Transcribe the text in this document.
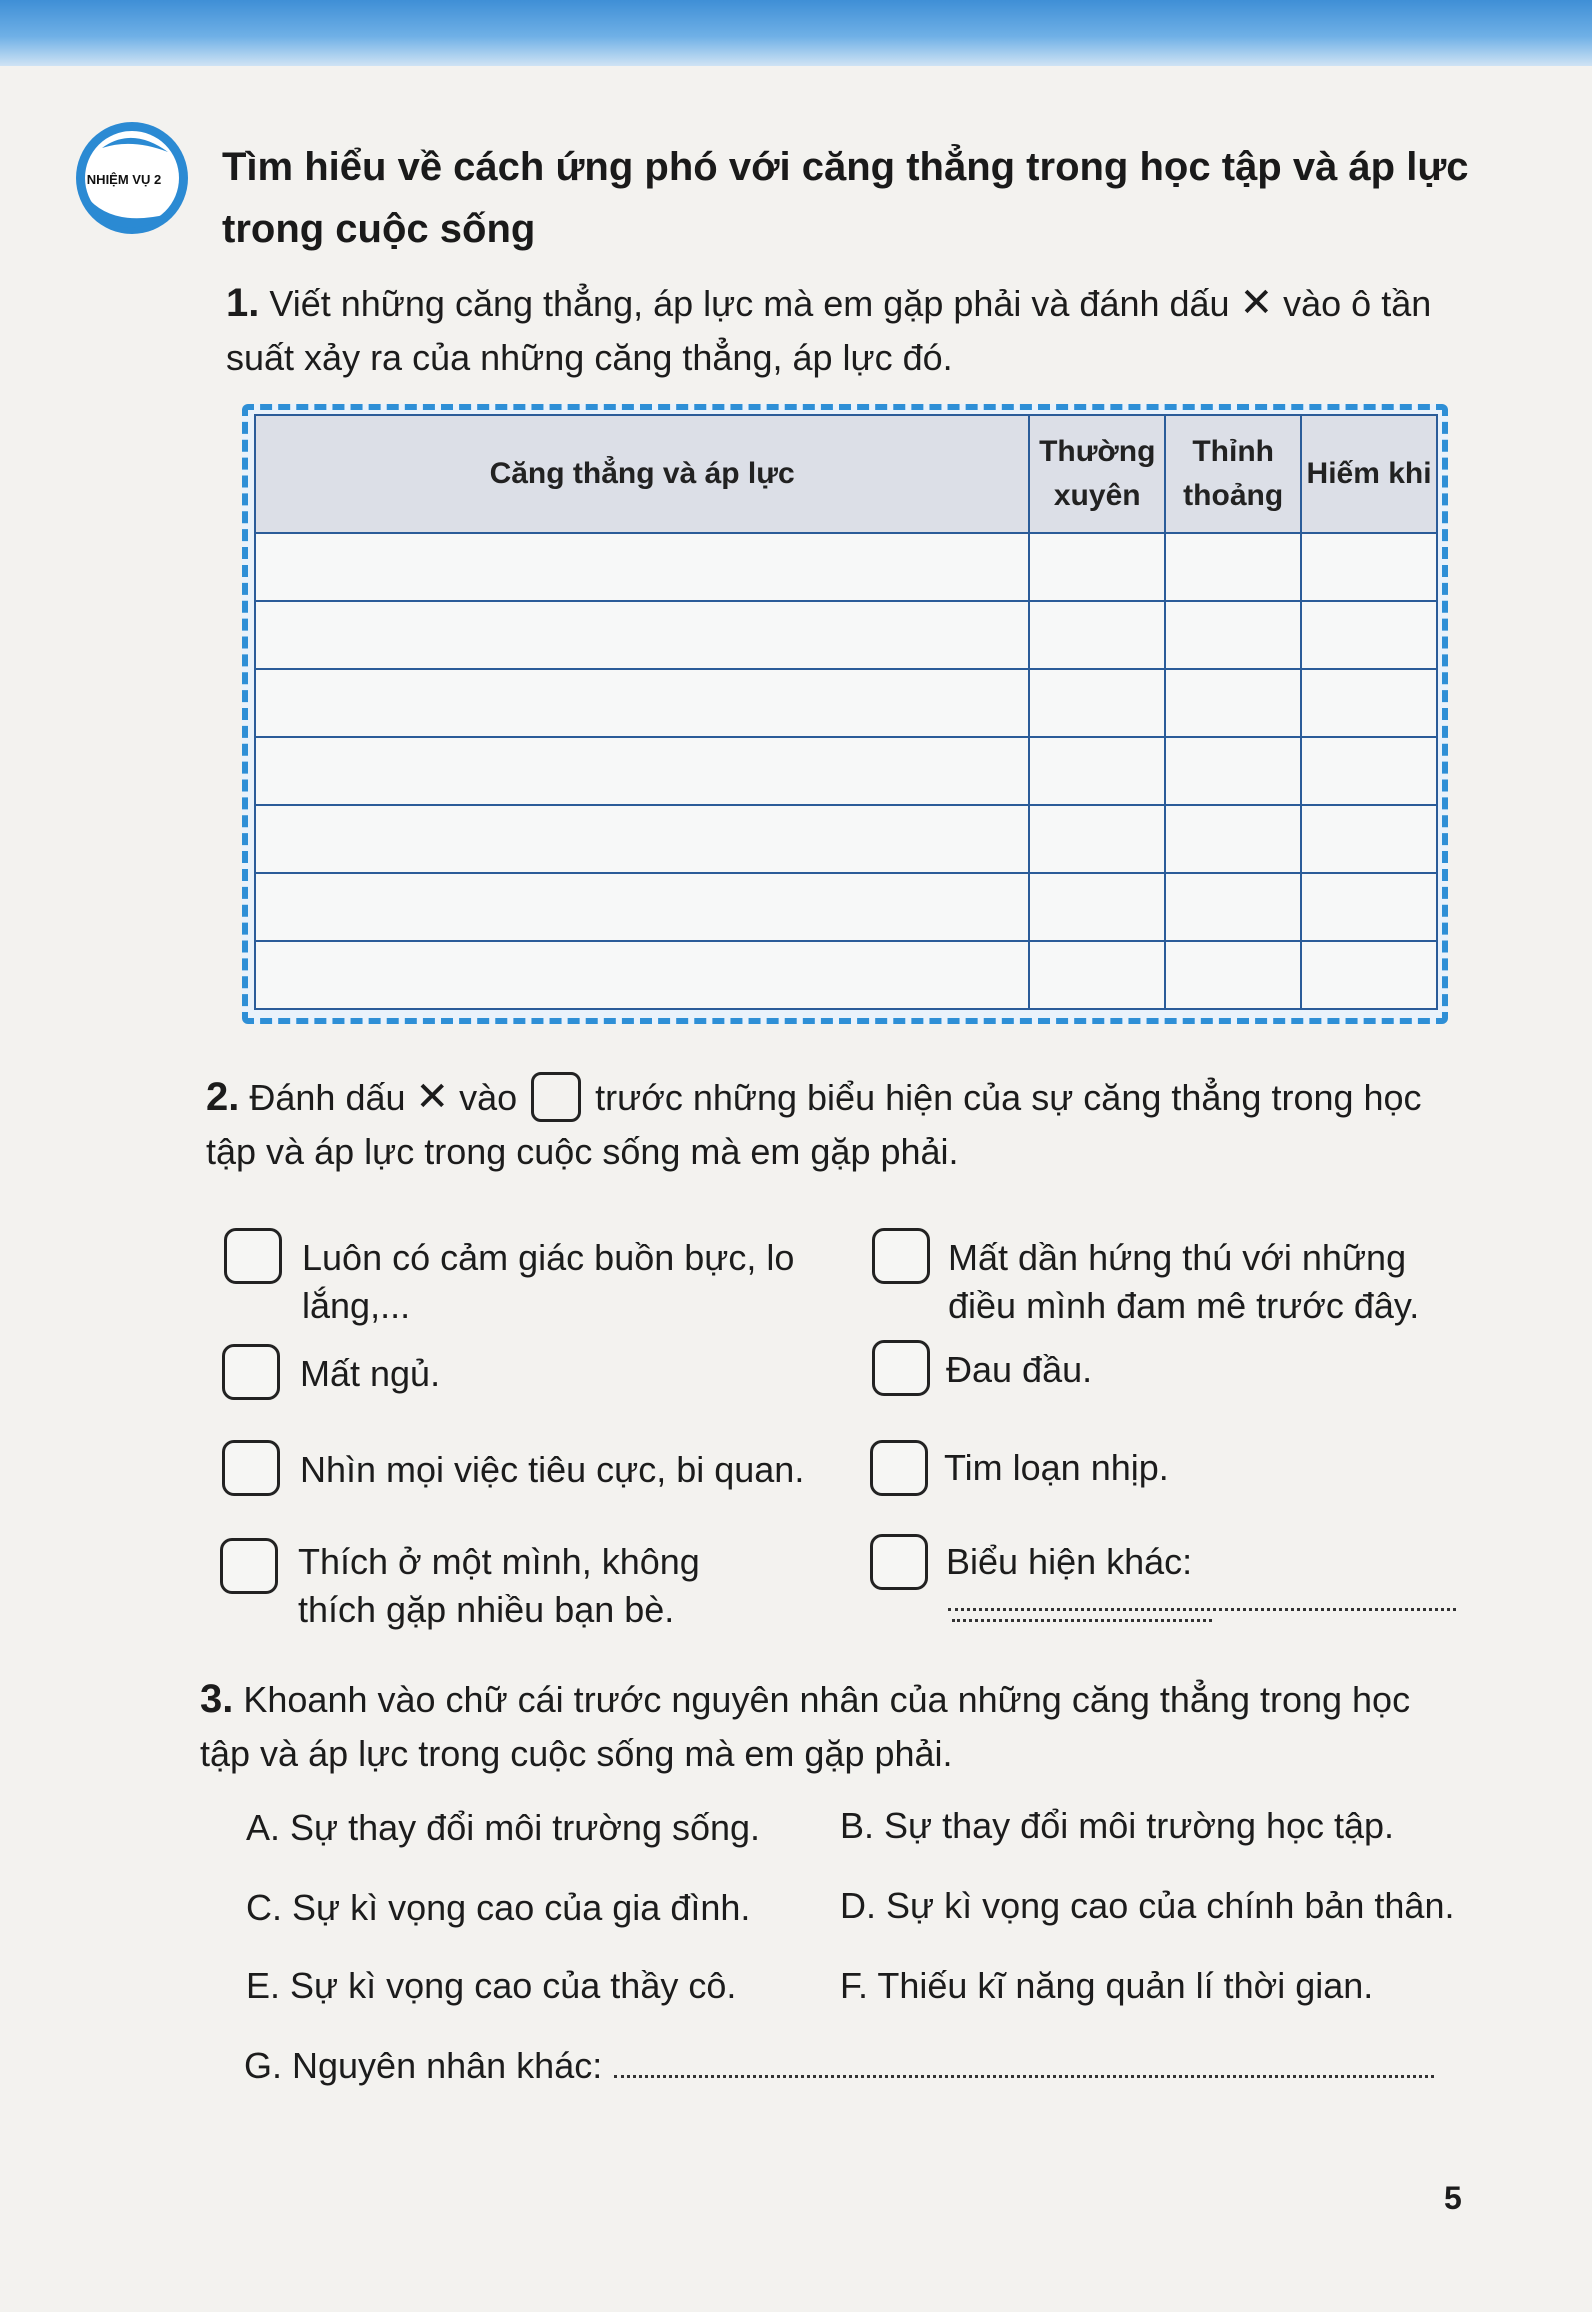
NHIỆM VỤ 2 Tìm hiểu về cách ứng phó với căng thẳng trong học tập và áp lực trong cuộc sống
1. Viết những căng thẳng, áp lực mà em gặp phải và đánh dấu ✕ vào ô tần suất xảy ra của những căng thẳng, áp lực đó.
Căng thẳng và áp lực	Thường xuyên	Thỉnh thoảng	Hiếm khi

2. Đánh dấu ✕ vào trước những biểu hiện của sự căng thẳng trong học tập và áp lực trong cuộc sống mà em gặp phải.
Luôn có cảm giác buồn bực, lo lắng,...
Mất ngủ.
Nhìn mọi việc tiêu cực, bi quan.
Thích ở một mình, không thích gặp nhiều bạn bè.
Mất dần hứng thú với những điều mình đam mê trước đây.
Đau đầu.
Tim loạn nhịp.
Biểu hiện khác:
3. Khoanh vào chữ cái trước nguyên nhân của những căng thẳng trong học tập và áp lực trong cuộc sống mà em gặp phải.
A. Sự thay đổi môi trường sống. B. Sự thay đổi môi trường học tập.
C. Sự kì vọng cao của gia đình. D. Sự kì vọng cao của chính bản thân.
E. Sự kì vọng cao của thầy cô.	F. Thiếu kĩ năng quản lí thời gian.
G. Nguyên nhân khác:
5
